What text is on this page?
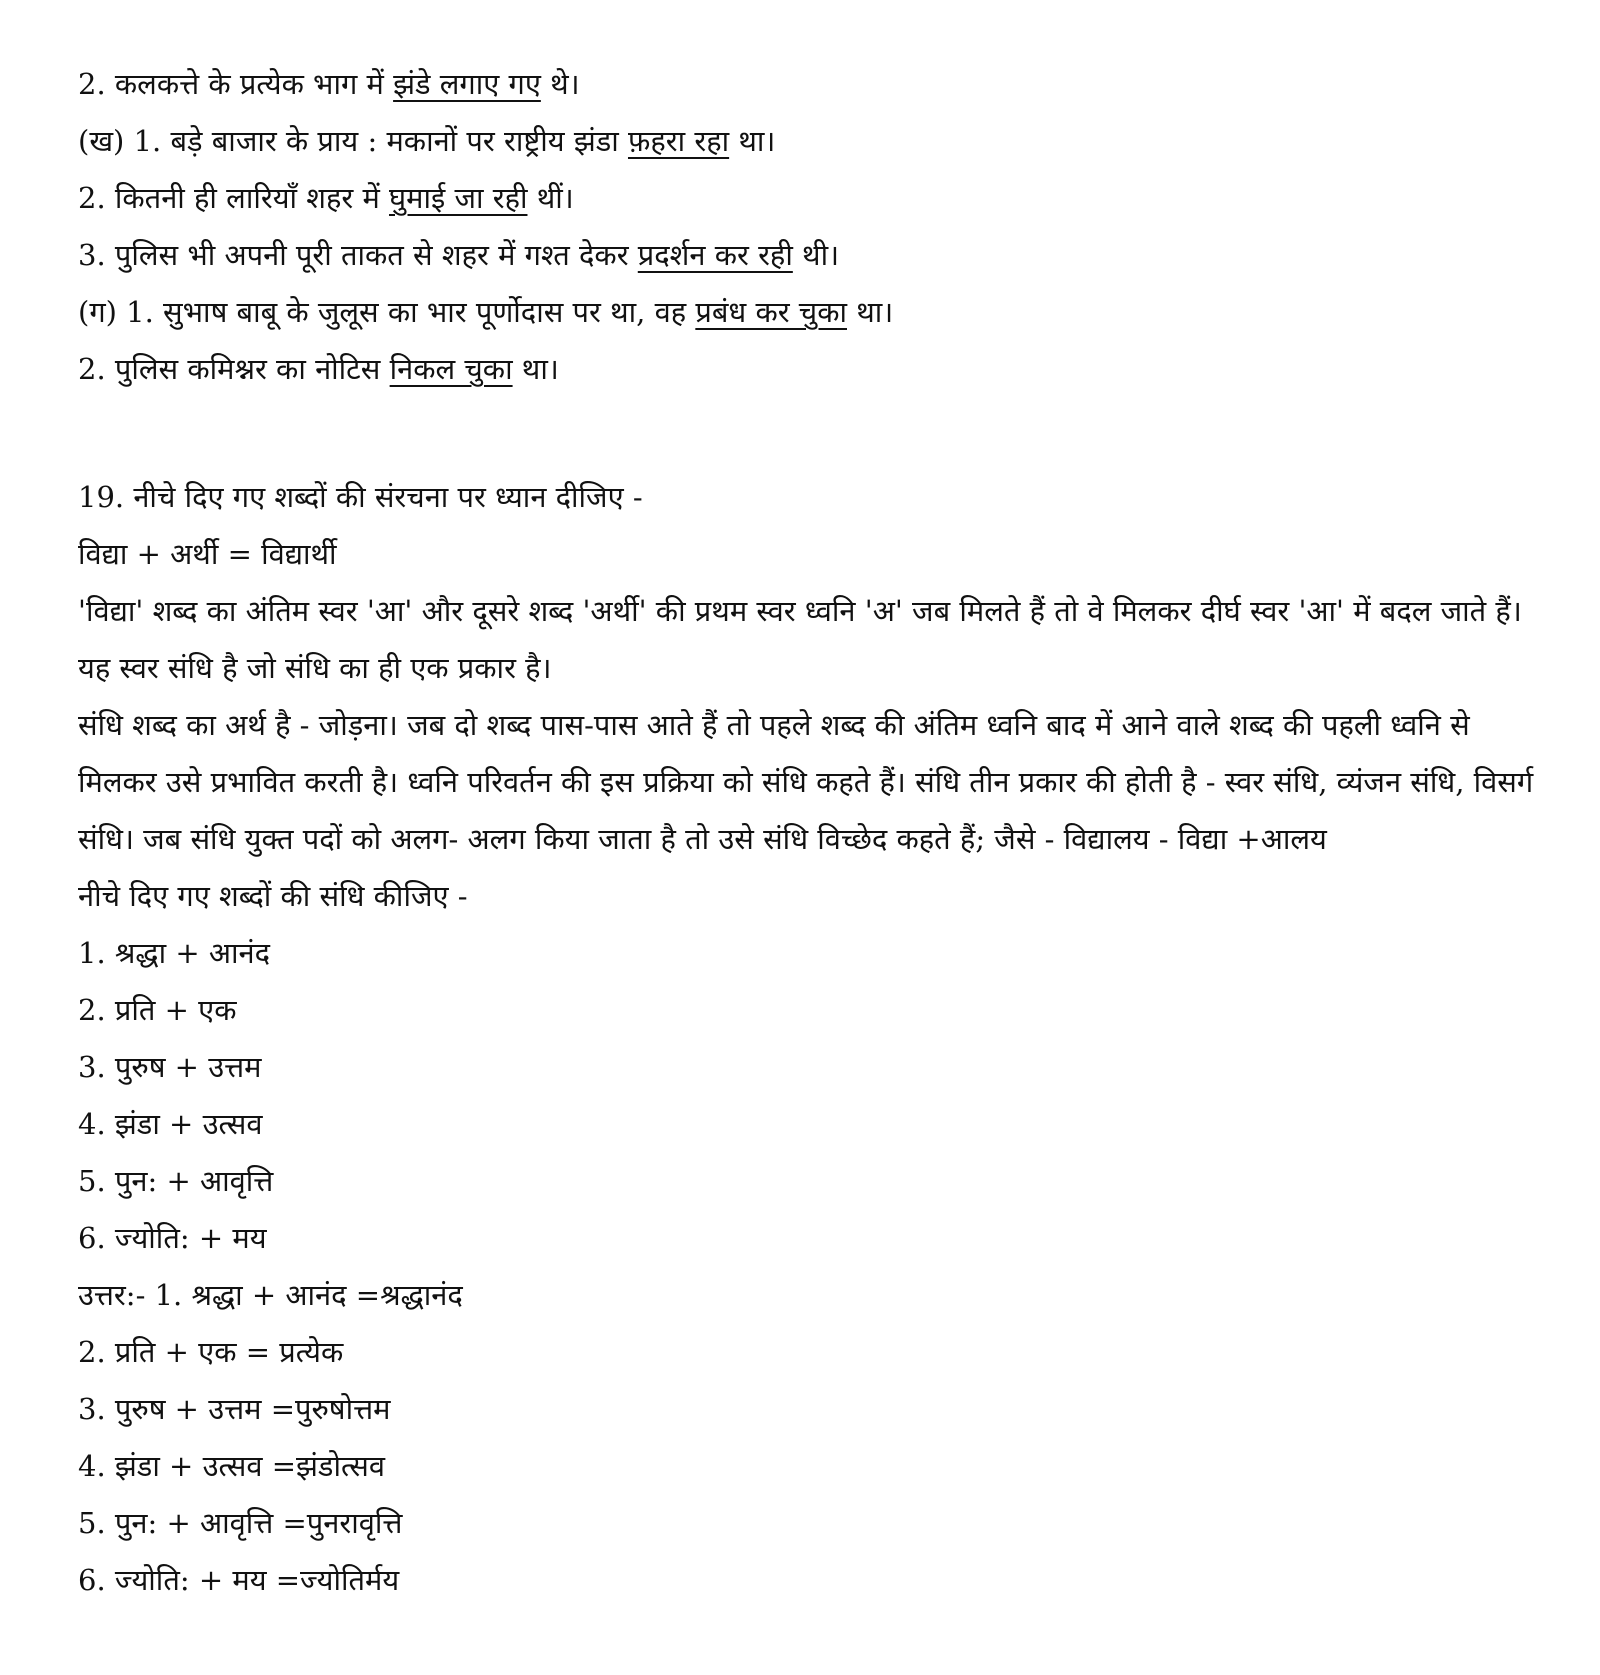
2. कलकत्ते के प्रत्येक भाग में झंडे लगाए गए थे।
(ख) 1. बड़े बाजार के प्राय : मकानों पर राष्ट्रीय झंडा फ़हरा रहा था।
2. कितनी ही लारियाँ शहर में घुमाई जा रही थीं।
3. पुलिस भी अपनी पूरी ताकत से शहर में गश्त देकर प्रदर्शन कर रही थी।
(ग) 1. सुभाष बाबू के जुलूस का भार पूर्णोदास पर था, वह प्रबंध कर चुका था।
2. पुलिस कमिश्नर का नोटिस निकल चुका था।
19. नीचे दिए गए शब्दों की संरचना पर ध्यान दीजिए -
विद्या + अर्थी = विद्यार्थी
'विद्या' शब्द का अंतिम स्वर 'आ' और दूसरे शब्द 'अर्थी' की प्रथम स्वर ध्वनि 'अ' जब मिलते हैं तो वे मिलकर दीर्घ स्वर 'आ' में बदल जाते हैं। यह स्वर संधि है जो संधि का ही एक प्रकार है।
संधि शब्द का अर्थ है - जोड़ना। जब दो शब्द पास-पास आते हैं तो पहले शब्द की अंतिम ध्वनि बाद में आने वाले शब्द की पहली ध्वनि से मिलकर उसे प्रभावित करती है। ध्वनि परिवर्तन की इस प्रक्रिया को संधि कहते हैं। संधि तीन प्रकार की होती है - स्वर संधि, व्यंजन संधि, विसर्ग संधि। जब संधि युक्त पदों को अलग- अलग किया जाता है तो उसे संधि विच्छेद कहते हैं; जैसे - विद्यालय - विद्या +आलय
नीचे दिए गए शब्दों की संधि कीजिए -
1. श्रद्धा + आनंद
2. प्रति + एक
3. पुरुष + उत्तम
4. झंडा + उत्सव
5. पुन: + आवृत्ति
6. ज्योति: + मय
उत्तर:- 1. श्रद्धा + आनंद =श्रद्धानंद
2. प्रति + एक = प्रत्येक
3. पुरुष + उत्तम =पुरुषोत्तम
4. झंडा + उत्सव =झंडोत्सव
5. पुन: + आवृत्ति =पुनरावृत्ति
6. ज्योति: + मय =ज्योतिर्मय
